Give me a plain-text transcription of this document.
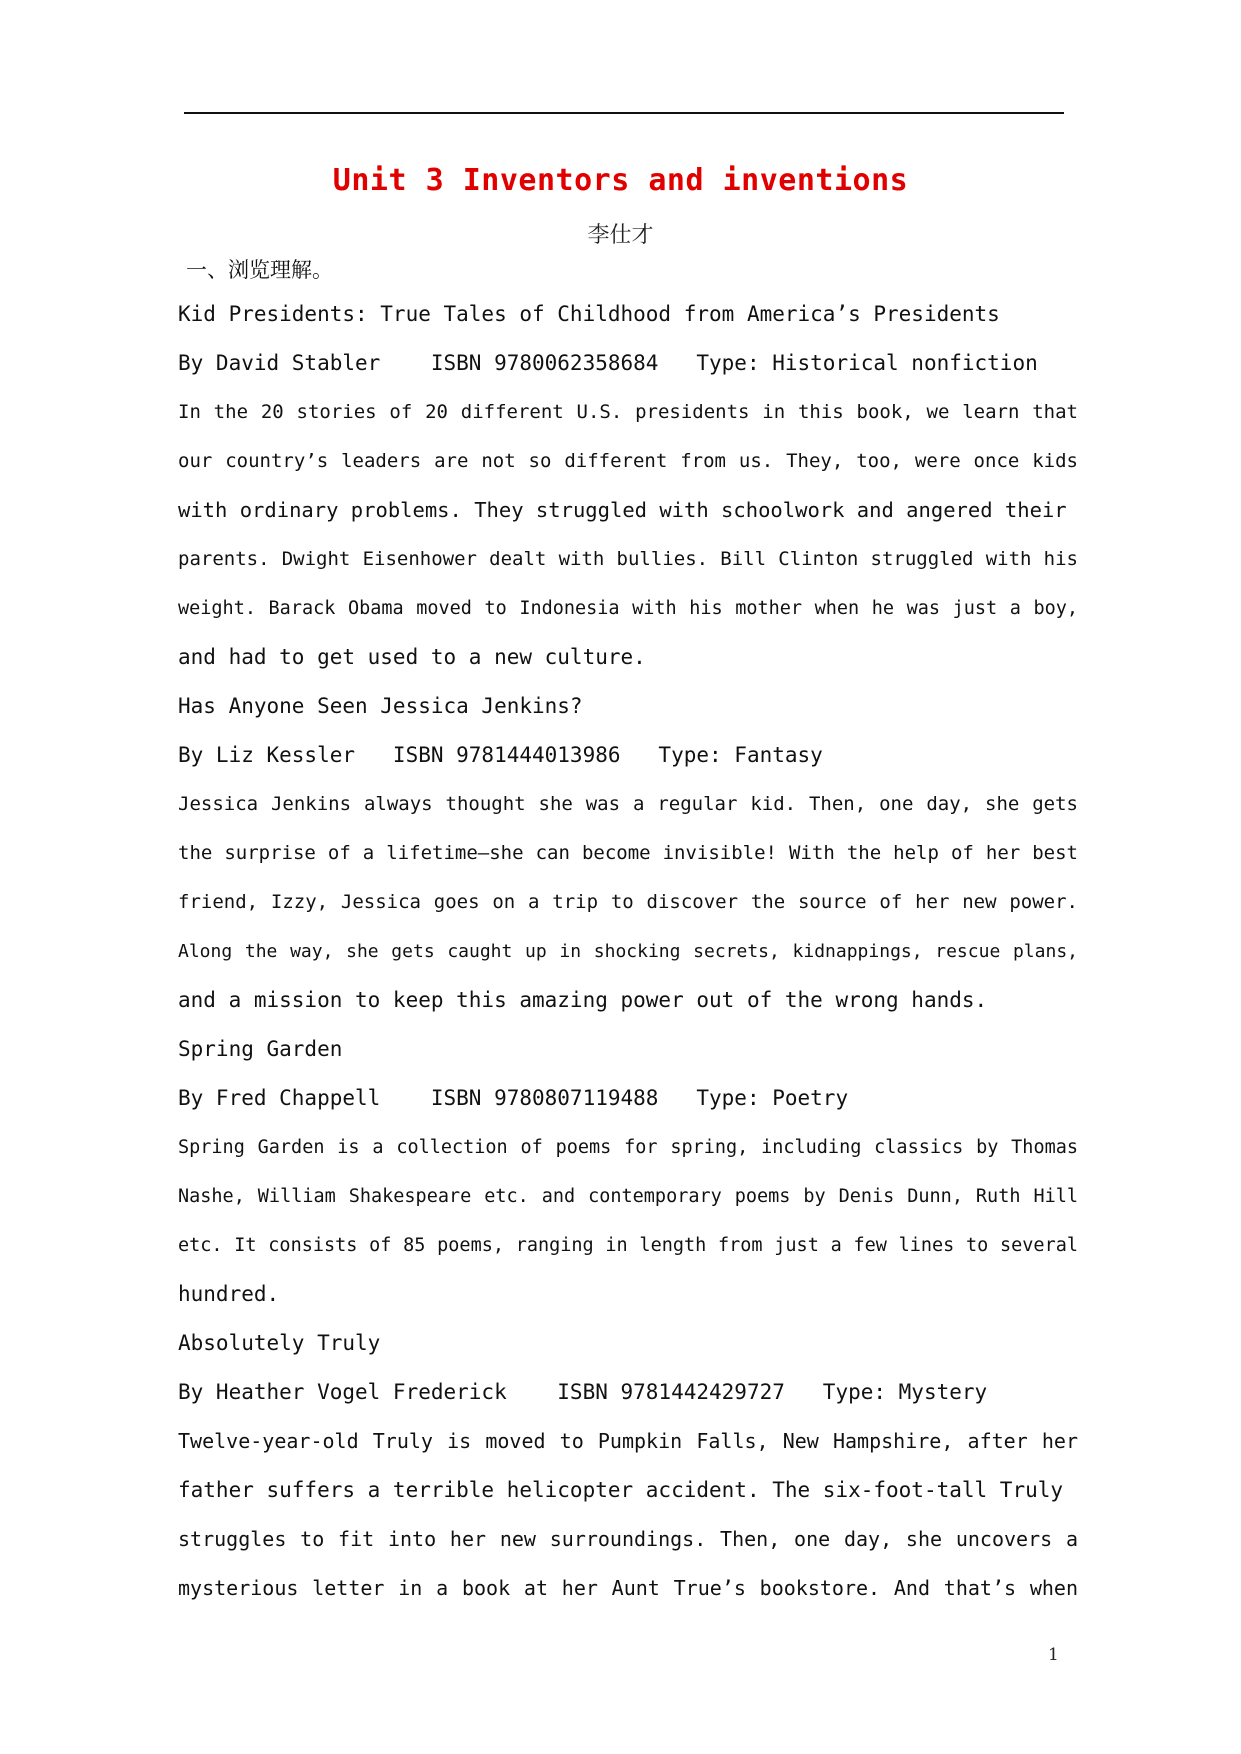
Unit 3 Inventors and inventions
李仕才
一、浏览理解。
Kid Presidents: True Tales of Childhood from America’s Presidents
By David Stabler    ISBN 9780062358684   Type: Historical nonfiction
In the 20 stories of 20 different U.S. presidents in this book, we learn that
our country’s leaders are not so different from us. They, too, were once kids
with ordinary problems. They struggled with schoolwork and angered their
parents. Dwight Eisenhower dealt with bullies. Bill Clinton struggled with his
weight. Barack Obama moved to Indonesia with his mother when he was just a boy,
and had to get used to a new culture.
Has Anyone Seen Jessica Jenkins?
By Liz Kessler   ISBN 9781444013986   Type: Fantasy
Jessica Jenkins always thought she was a regular kid. Then, one day, she gets
the surprise of a lifetime—she can become invisible! With the help of her best
friend, Izzy, Jessica goes on a trip to discover the source of her new power.
Along the way, she gets caught up in shocking secrets, kidnappings, rescue plans,
and a mission to keep this amazing power out of the wrong hands.
Spring Garden
By Fred Chappell    ISBN 9780807119488   Type: Poetry
Spring Garden is a collection of poems for spring, including classics by Thomas
Nashe, William Shakespeare etc. and contemporary poems by Denis Dunn, Ruth Hill
etc. It consists of 85 poems, ranging in length from just a few lines to several
hundred.
Absolutely Truly
By Heather Vogel Frederick    ISBN 9781442429727   Type: Mystery
Twelve-year-old Truly is moved to Pumpkin Falls, New Hampshire, after her
father suffers a terrible helicopter accident. The six-foot-tall Truly
struggles to fit into her new surroundings. Then, one day, she uncovers a
mysterious letter in a book at her Aunt True’s bookstore. And that’s when
1
